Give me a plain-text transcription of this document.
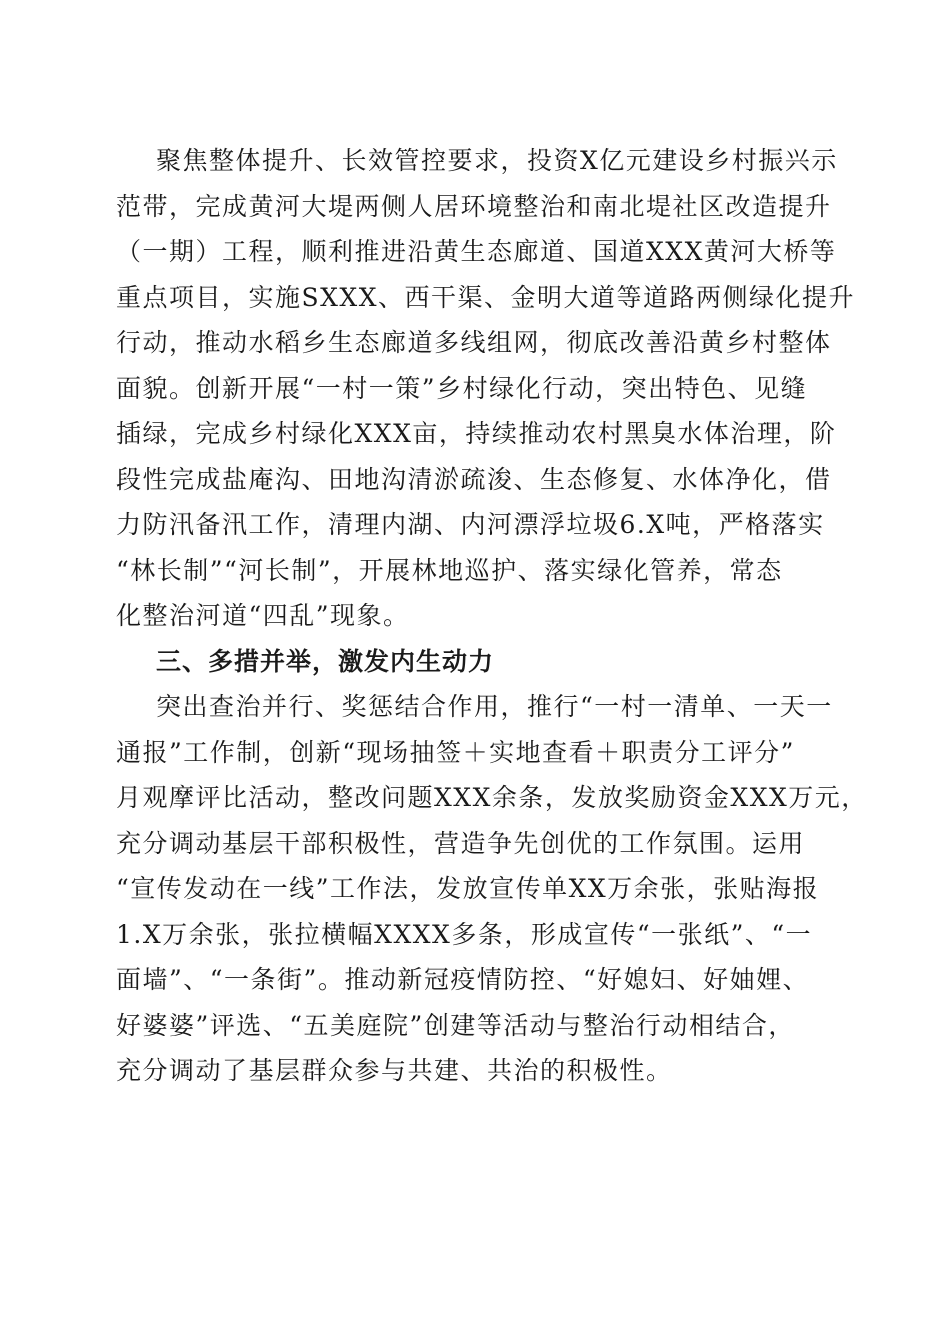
聚焦整体提升、长效管控要求，投资X亿元建设乡村振兴示
范带，完成黄河大堤两侧人居环境整治和南北堤社区改造提升
（一期）工程，顺利推进沿黄生态廊道、国道XXX黄河大桥等
重点项目，实施SXXX、西干渠、金明大道等道路两侧绿化提升
行动，推动水稻乡生态廊道多线组网，彻底改善沿黄乡村整体
面貌。创新开展“一村一策”乡村绿化行动，突出特色、见缝
插绿，完成乡村绿化XXX亩，持续推动农村黑臭水体治理，阶
段性完成盐庵沟、田地沟清淤疏浚、生态修复、水体净化，借
力防汛备汛工作，清理内湖、内河漂浮垃圾6.X吨，严格落实
“林长制”“河长制”，开展林地巡护、落实绿化管养，常态
化整治河道“四乱”现象。
三、多措并举，激发内生动力
突出查治并行、奖惩结合作用，推行“一村一清单、一天一
通报”工作制，创新“现场抽签＋实地查看＋职责分工评分”
月观摩评比活动，整改问题XXX余条，发放奖励资金XXX万元，
充分调动基层干部积极性，营造争先创优的工作氛围。运用
“宣传发动在一线”工作法，发放宣传单XX万余张，张贴海报
1.X万余张，张拉横幅XXXX多条，形成宣传“一张纸”、“一
面墙”、“一条街”。推动新冠疫情防控、“好媳妇、好妯娌、
好婆婆”评选、“五美庭院”创建等活动与整治行动相结合，
充分调动了基层群众参与共建、共治的积极性。
